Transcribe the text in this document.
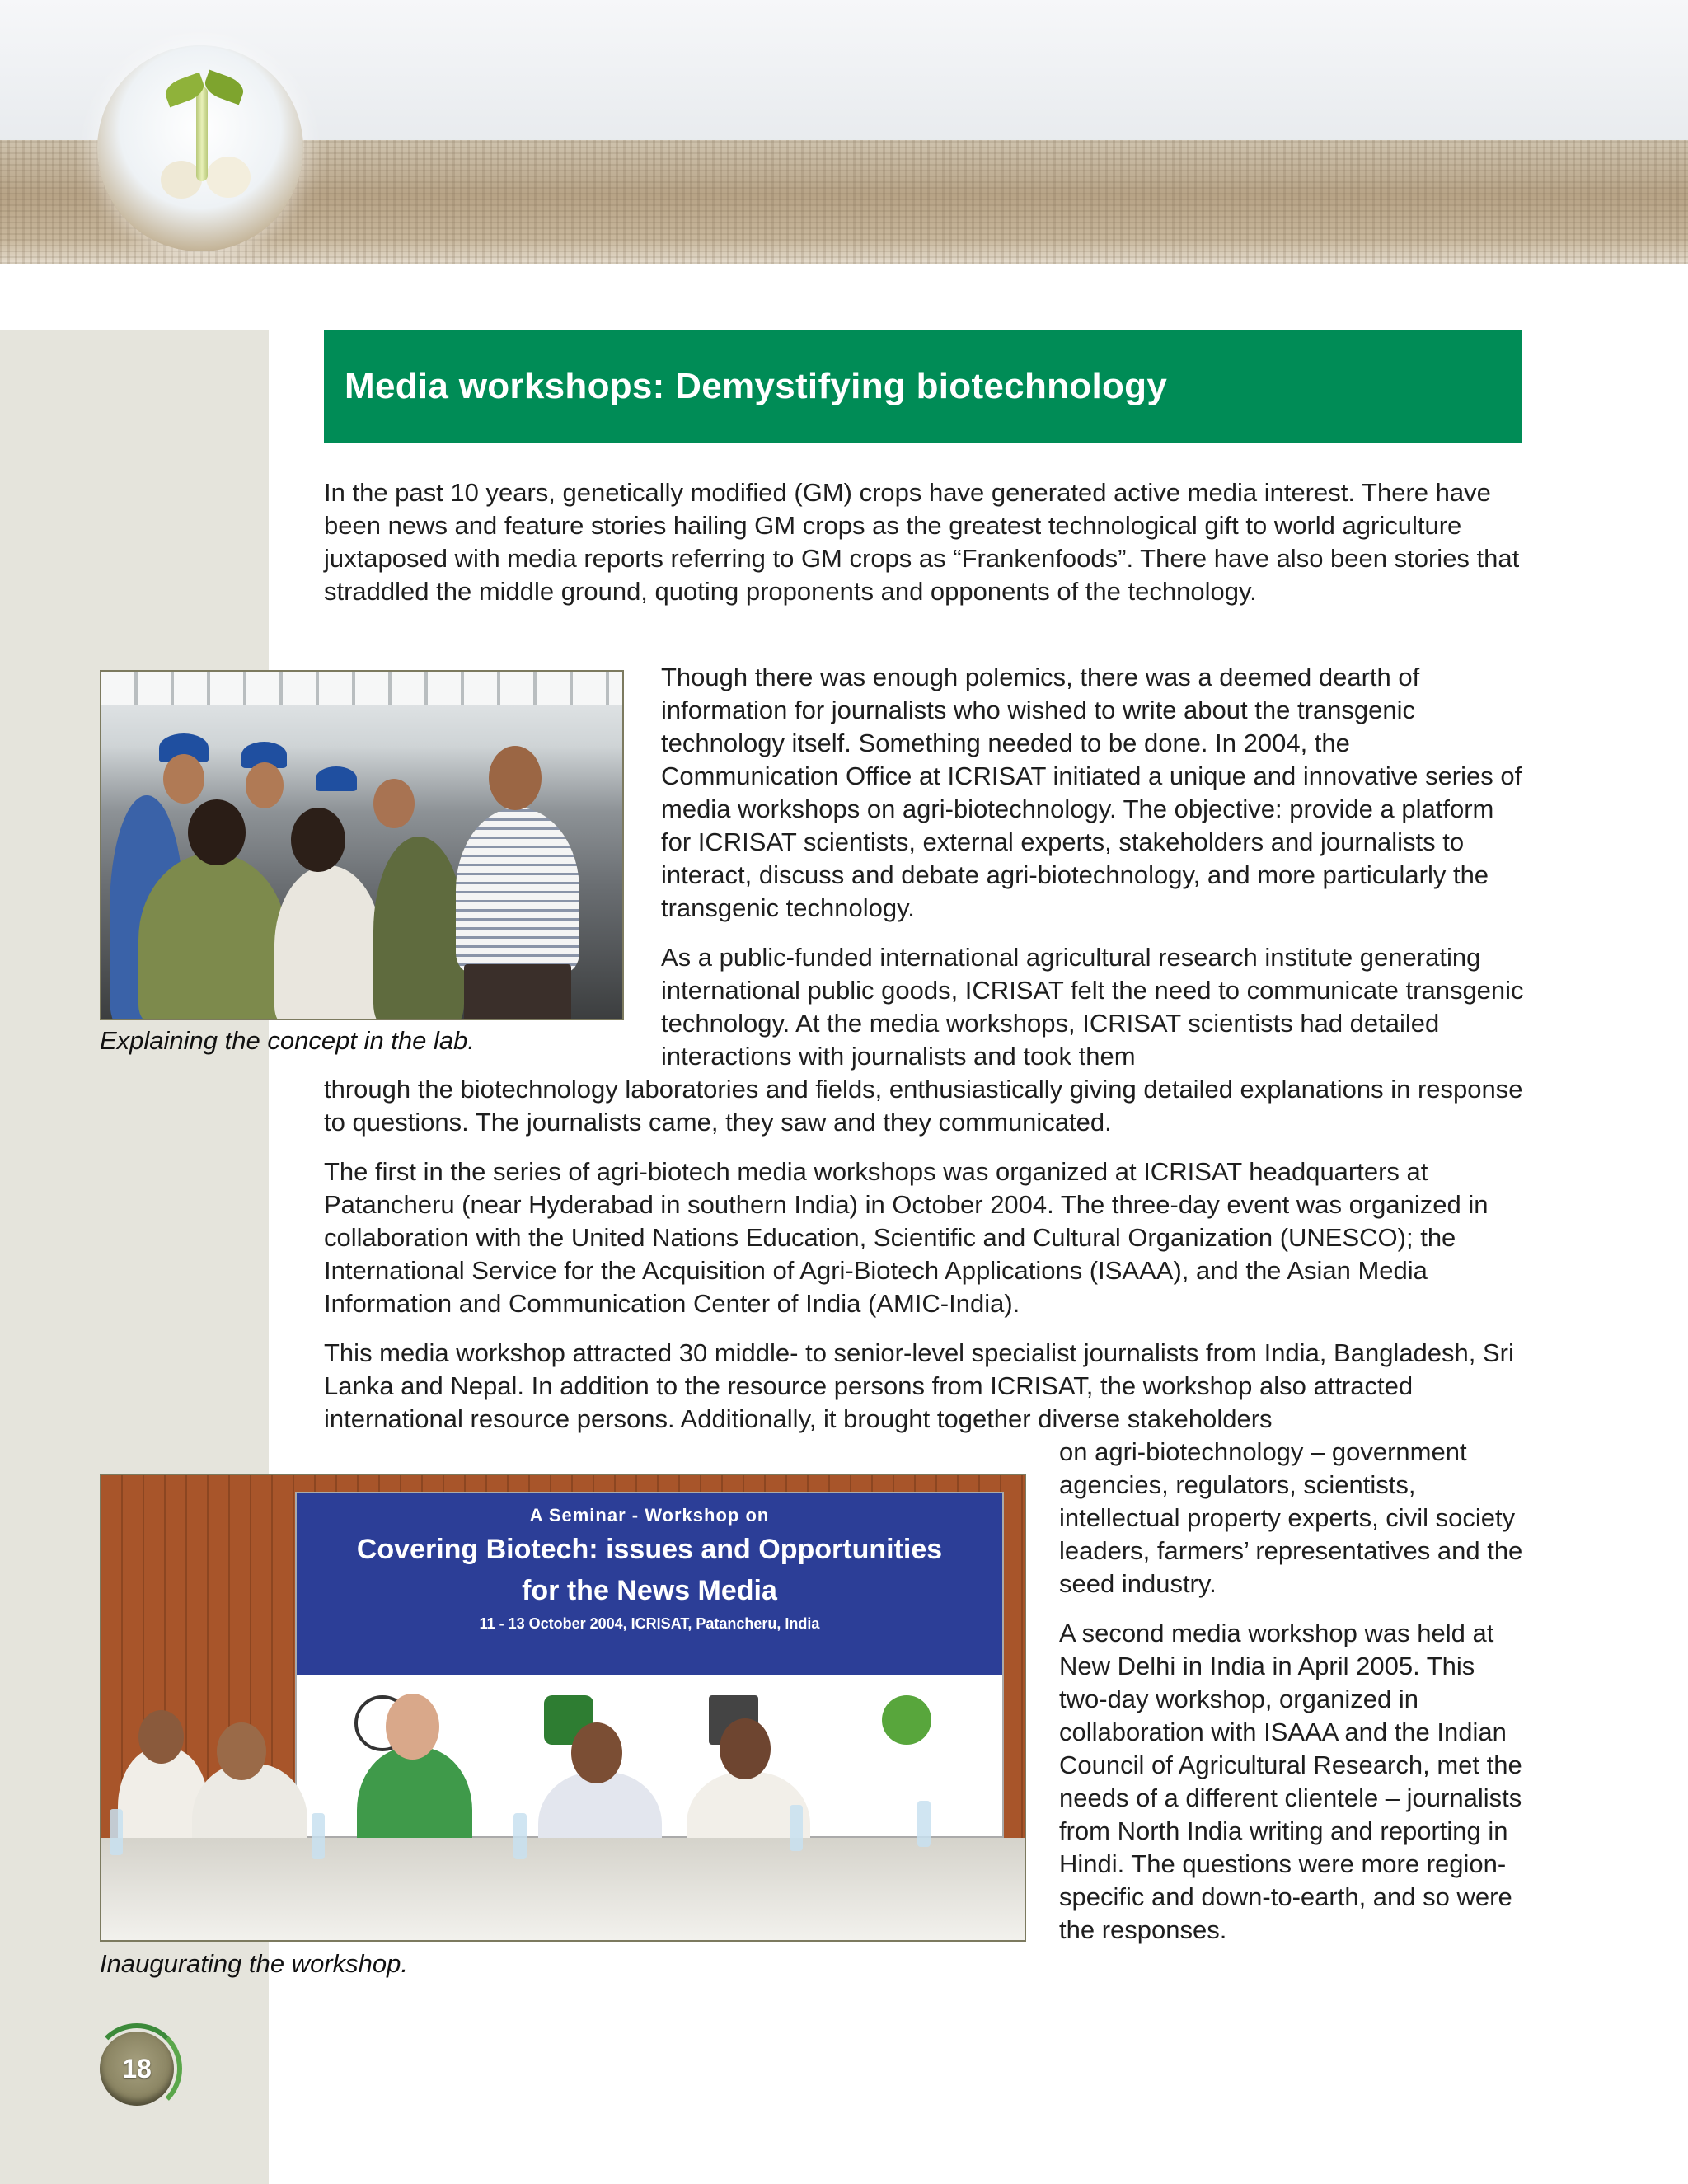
Media workshops: Demystifying biotechnology

In the past 10 years, genetically modified (GM) crops have generated active media interest. There have been news and feature stories hailing GM crops as the greatest technological gift to world agriculture juxtaposed with media reports referring to GM crops as “Frankenfoods”. There have also been stories that straddled the middle ground, quoting proponents and opponents of the technology.

Explaining the concept in the lab.

Though there was enough polemics, there was a deemed dearth of information for journalists who wished to write about the transgenic technology itself. Something needed to be done. In 2004, the Communication Office at ICRISAT initiated a unique and innovative series of media workshops on agri-biotechnology. The objective: provide a platform for ICRISAT scientists, external experts, stakeholders and journalists to interact, discuss and debate agri-biotechnology, and more particularly the transgenic technology.

As a public-funded international agricultural research institute generating international public goods, ICRISAT felt the need to communicate transgenic technology. At the media workshops, ICRISAT scientists had detailed interactions with journalists and took them

through the biotechnology laboratories and fields, enthusiastically giving detailed explanations in response to questions. The journalists came, they saw and they communicated.

The first in the series of agri-biotech media workshops was organized at ICRISAT headquarters at Patancheru (near Hyderabad in southern India) in October 2004. The three-day event was organized in collaboration with the United Nations Education, Scientific and Cultural Organization (UNESCO); the International Service for the Acquisition of Agri-Biotech Applications (ISAAA), and the Asian Media Information and Communication Center of India (AMIC-India).

This media workshop attracted 30 middle- to senior-level specialist journalists from India, Bangladesh, Sri Lanka and Nepal. In addition to the resource persons from ICRISAT, the workshop also attracted international resource persons. Additionally, it brought together diverse stakeholders

on agri-biotechnology – government agencies, regulators, scientists, intellectual property experts, civil society leaders, farmers’ representatives and the seed industry.

A second media workshop was held at New Delhi in India in April 2005. This two-day workshop, organized in collaboration with ISAAA and the Indian Council of Agricultural Research, met the needs of a different clientele – journalists from North India writing and reporting in Hindi. The questions were more region-specific and down-to-earth, and so were the responses.

A Seminar - Workshop on
Covering Biotech: issues and Opportunities
for the News Media
11 - 13 October 2004, ICRISAT, Patancheru, India

Inaugurating the workshop.

18
